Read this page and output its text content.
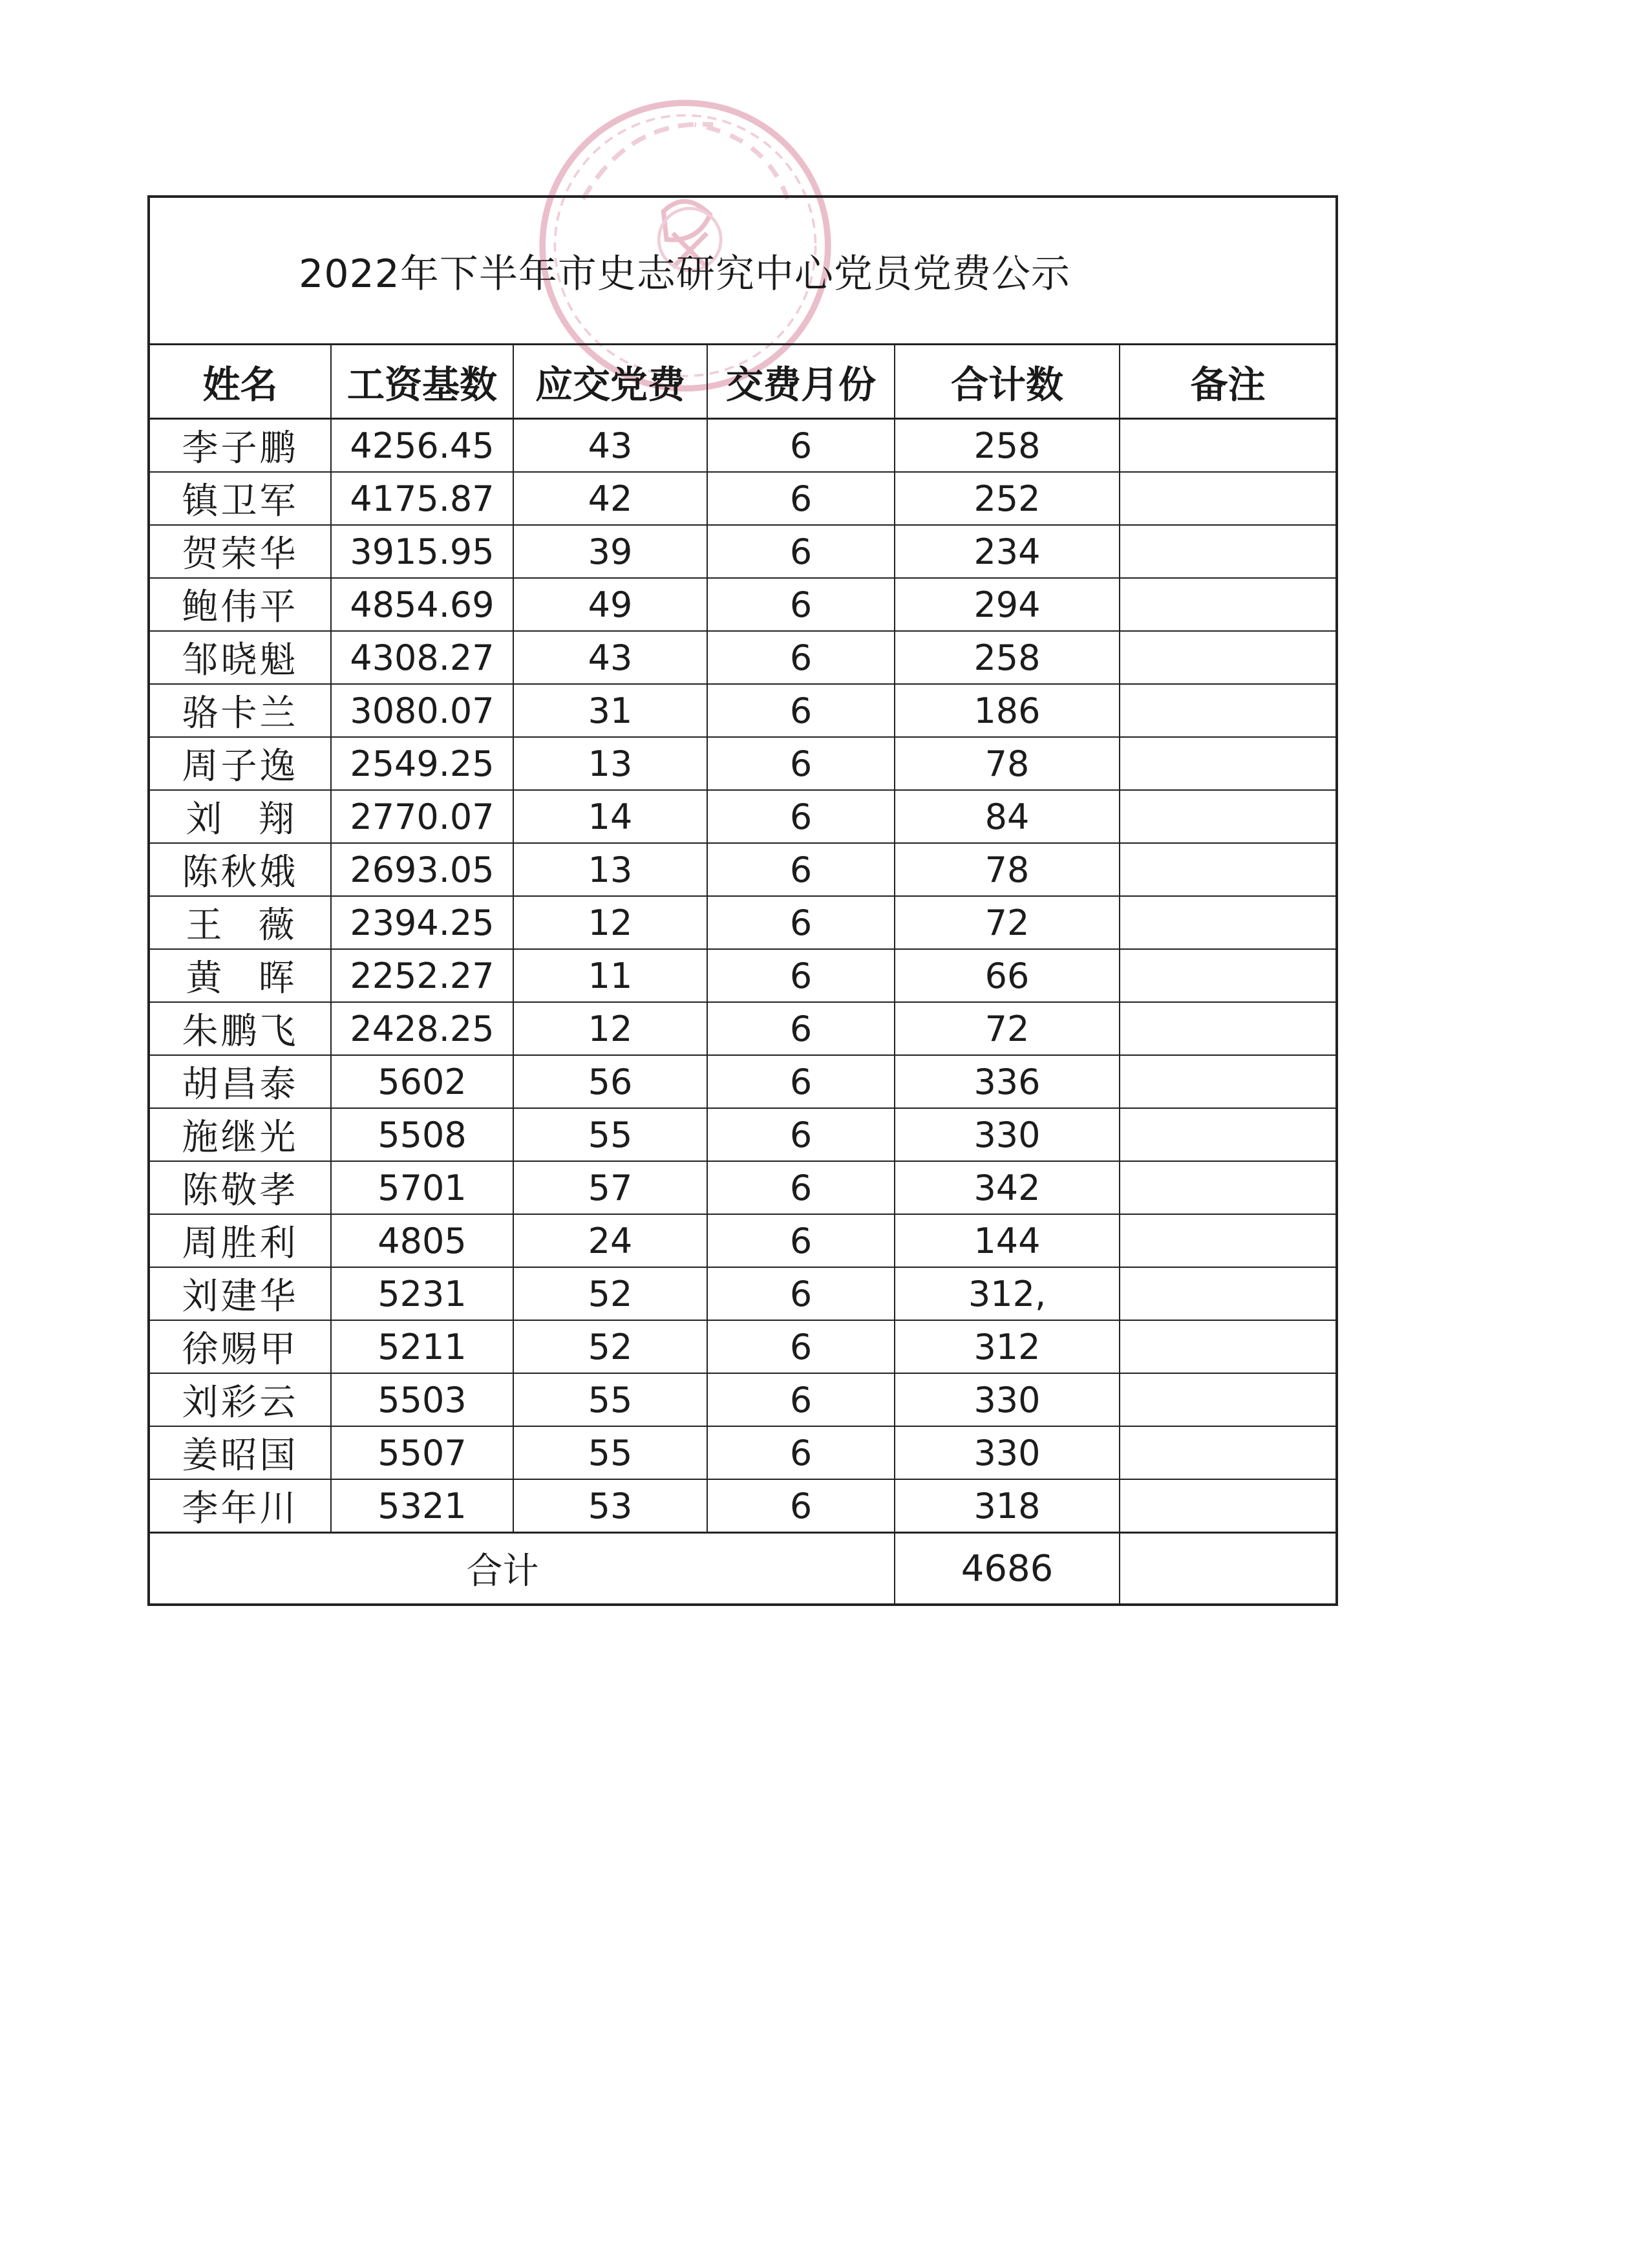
2022年下半年市史志研究中心党员党费公示
姓名	工资基数	应交党费	交费月份	合计数	备注
李子鹏	4256.45	43	6	258	
镇卫军	4175.87	42	6	252	
贺荣华	3915.95	39	6	234	
鲍伟平	4854.69	49	6	294	
邹晓魁	4308.27	43	6	258	
骆卡兰	3080.07	31	6	186	
周子逸	2549.25	13	6	78	
刘　翔	2770.07	14	6	84	
陈秋娥	2693.05	13	6	78	
王　薇	2394.25	12	6	72	
黄　晖	2252.27	11	6	66	
朱鹏飞	2428.25	12	6	72	
胡昌泰	5602	56	6	336	
施继光	5508	55	6	330	
陈敬孝	5701	57	6	342	
周胜利	4805	24	6	144	
刘建华	5231	52	6	312,	
徐赐甲	5211	52	6	312	
刘彩云	5503	55	6	330	
姜昭国	5507	55	6	330	
李年川	5321	53	6	318	
合计				4686	
